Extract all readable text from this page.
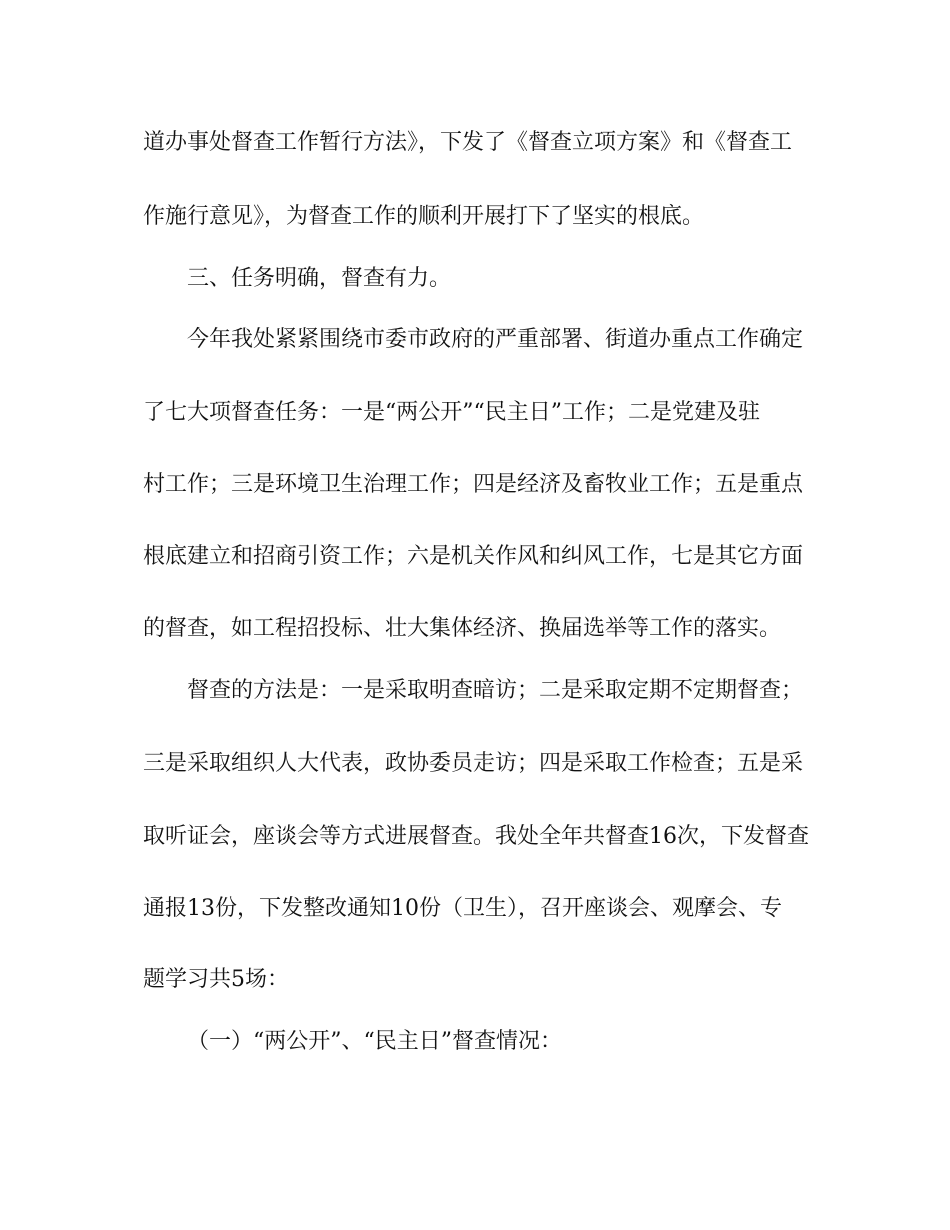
道办事处督查工作暂行方法》，下发了《督查立项方案》和《督查工
作施行意见》，为督查工作的顺利开展打下了坚实的根底。
三、任务明确，督查有力。
今年我处紧紧围绕市委市政府的严重部署、街道办重点工作确定
了七大项督查任务：一是“两公开”“民主日”工作；二是党建及驻
村工作；三是环境卫生治理工作；四是经济及畜牧业工作；五是重点
根底建立和招商引资工作；六是机关作风和纠风工作，七是其它方面
的督查，如工程招投标、壮大集体经济、换届选举等工作的落实。
督查的方法是：一是采取明查暗访；二是采取定期不定期督查；
三是采取组织人大代表，政协委员走访；四是采取工作检查；五是采
取听证会，座谈会等方式进展督查。我处全年共督查16次，下发督查
通报13份，下发整改通知10份（卫生），召开座谈会、观摩会、专
题学习共5场：
（一）“两公开”、“民主日”督查情况：
